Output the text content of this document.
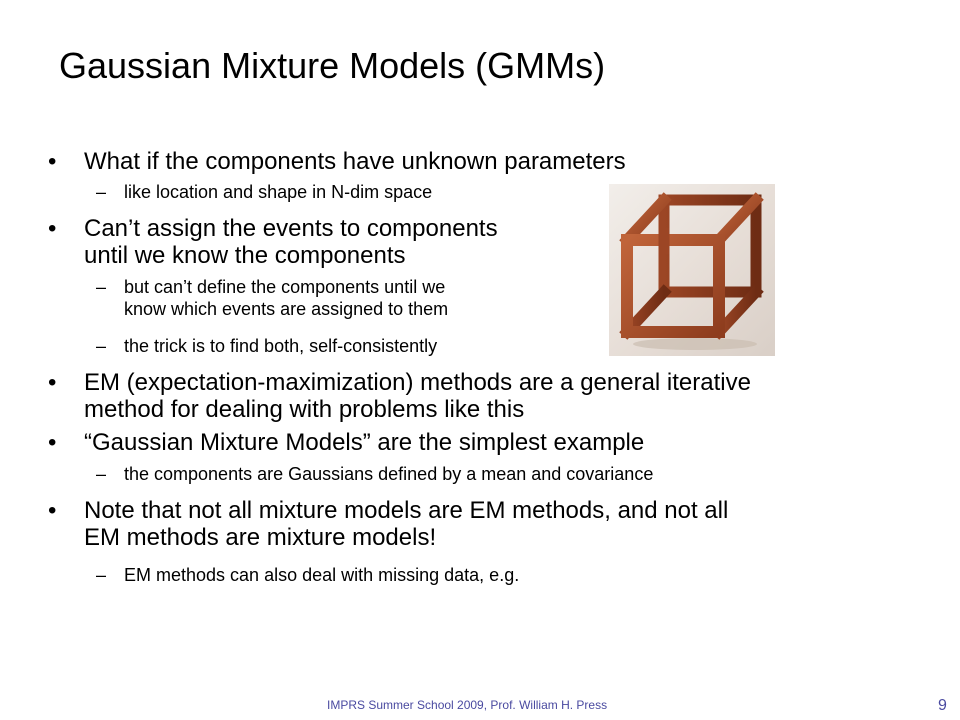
Gaussian Mixture Models (GMMs)
• What if the components have unknown parameters
– like location and shape in N-dim space
• Can’t assign the events to components
until we know the components
– but can’t define the components until we
know which events are assigned to them
– the trick is to find both, self-consistently
• EM (expectation-maximization) methods are a general iterative
method for dealing with problems like this
• “Gaussian Mixture Models” are the simplest example
– the components are Gaussians defined by a mean and covariance
• Note that not all mixture models are EM methods, and not all
EM methods are mixture models!
– EM methods can also deal with missing data, e.g.
IMPRS Summer School 2009, Prof. William H. Press	9
